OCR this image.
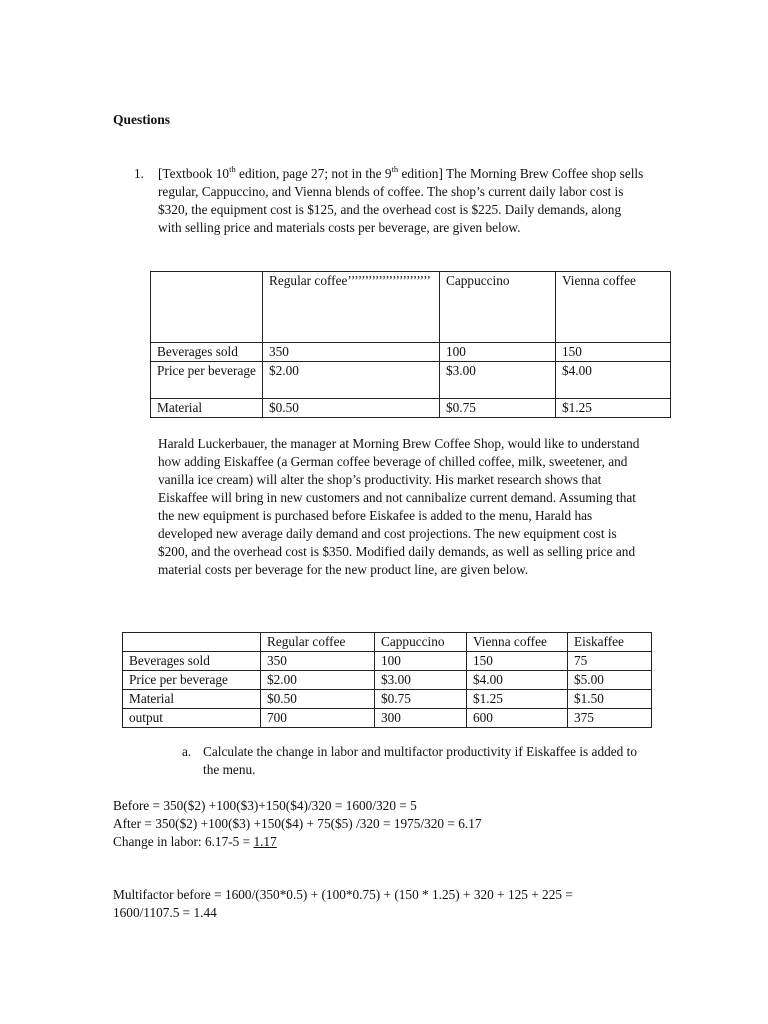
Questions
1. [Textbook 10th edition, page 27; not in the 9th edition] The Morning Brew Coffee shop sells regular, Cappuccino, and Vienna blends of coffee. The shop’s current daily labor cost is $320, the equipment cost is $125, and the overhead cost is $225. Daily demands, along with selling price and materials costs per beverage, are given below.
	Regular coffee’’’’’’’’’’’’’’’’’’’’’’’’	Cappuccino	Vienna coffee
Beverages sold	350	100	150
Price per beverage	$2.00	$3.00	$4.00
Material	$0.50	$0.75	$1.25
Harald Luckerbauer, the manager at Morning Brew Coffee Shop, would like to understand how adding Eiskaffee (a German coffee beverage of chilled coffee, milk, sweetener, and vanilla ice cream) will alter the shop’s productivity. His market research shows that Eiskaffee will bring in new customers and not cannibalize current demand. Assuming that the new equipment is purchased before Eiskafee is added to the menu, Harald has developed new average daily demand and cost projections. The new equipment cost is $200, and the overhead cost is $350. Modified daily demands, as well as selling price and material costs per beverage for the new product line, are given below.
	Regular coffee	Cappuccino	Vienna coffee	Eiskaffee
Beverages sold	350	100	150	75
Price per beverage	$2.00	$3.00	$4.00	$5.00
Material	$0.50	$0.75	$1.25	$1.50
output	700	300	600	375
a. Calculate the change in labor and multifactor productivity if Eiskaffee is added to the menu.
Before = 350($2) +100($3)+150($4)/320 = 1600/320 = 5
After = 350($2) +100($3) +150($4) + 75($5) /320 = 1975/320 = 6.17
Change in labor: 6.17-5 = 1.17
Multifactor before = 1600/(350*0.5) + (100*0.75) + (150 * 1.25) + 320 + 125 + 225 =
1600/1107.5 = 1.44
